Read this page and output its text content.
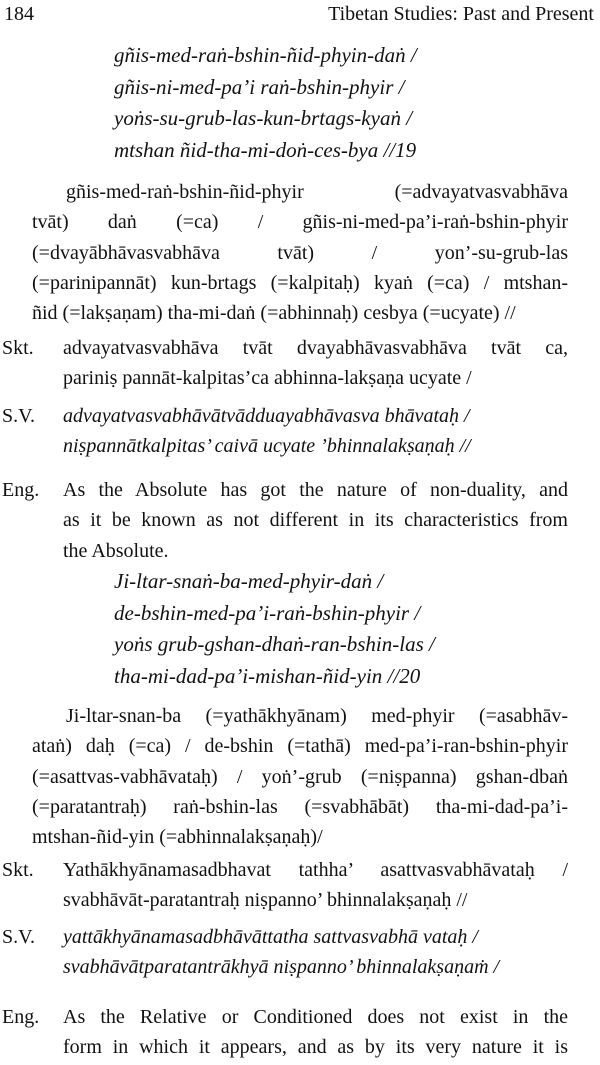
184	Tibetan Studies: Past and Present
gñis-med-raṅ-bshin-ñid-phyin-daṅ /
gñis-ni-med-pa’i raṅ-bshin-phyir /
yoṅs-su-grub-las-kun-brtags-kyaṅ /
mtshan ñid-tha-mi-doṅ-ces-bya //19
gñis-med-raṅ-bshin-ñid-phyir (=advayatvasvabhāva
tvāt) daṅ (=ca) / gñis-ni-med-pa’i-raṅ-bshin-phyir
(=dvayābhāvasvabhāva tvāt) / yon’-su-grub-las
(=parinipannāt) kun-brtags (=kalpitaḥ) kyaṅ (=ca) / mtshan-
ñid (=lakṣaṇam) tha-mi-daṅ (=abhinnaḥ) cesbya (=ucyate) //
Skt.	advayatvasvabhāva tvāt dvayabhāvasvabhāva tvāt ca,
pariniṣ pannāt-kalpitas’ca abhinna-lakṣaṇa ucyate /
S.V.	advayatvasvabhāvātvādduayabhāvasva bhāvataḥ /
niṣpannātkalpitas’ caivā ucyate ’bhinnalakṣaṇaḥ //
Eng.	As the Absolute has got the nature of non-duality, and
as it be known as not different in its characteristics from
the Absolute.
Ji-ltar-snaṅ-ba-med-phyir-daṅ /
de-bshin-med-pa’i-raṅ-bshin-phyir /
yoṅs grub-gshan-dhaṅ-ran-bshin-las /
tha-mi-dad-pa’i-mishan-ñid-yin //20
Ji-ltar-snan-ba (=yathākhyānam) med-phyir (=asabhāv-
ataṅ) daḥ (=ca) / de-bshin (=tathā) med-pa’i-ran-bshin-phyir
(=asattvas-vabhāvataḥ) / yoṅ’-grub (=niṣpanna) gshan-dbaṅ
(=paratantraḥ) raṅ-bshin-las (=svabhābāt) tha-mi-dad-pa’i-
mtshan-ñid-yin (=abhinnalakṣaṇaḥ)/
Skt.	Yathākhyānamasadbhavat tathha’ asattvasvabhāvataḥ /
svabhāvāt-paratantraḥ niṣpanno’ bhinnalakṣaṇaḥ //
S.V.	yattākhyānamasadbhāvāttatha sattvasvabhā vataḥ /
svabhāvātparatantrākhyā niṣpanno’ bhinnalakṣaṇaṁ /
Eng.	As the Relative or Conditioned does not exist in the
form in which it appears, and as by its very nature it is
